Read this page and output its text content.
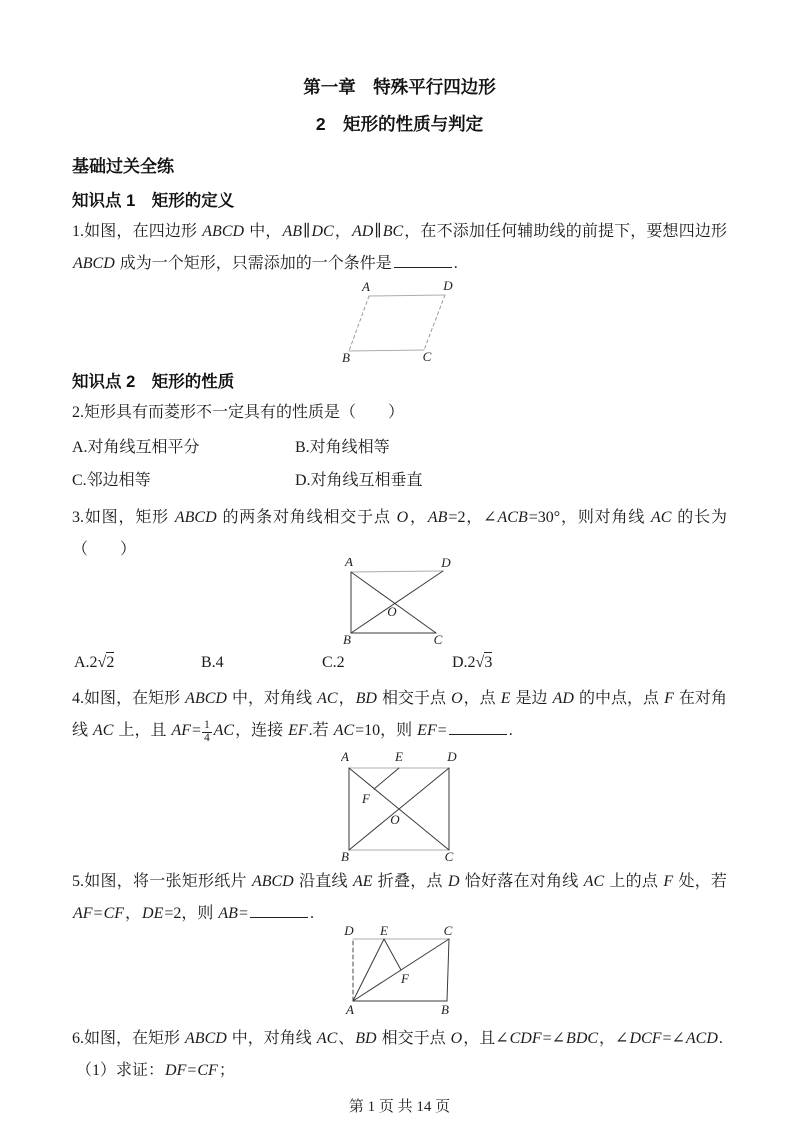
第一章　特殊平行四边形
2　矩形的性质与判定
基础过关全练
知识点 1　矩形的定义

1.如图，在四边形 ABCD 中，AB∥DC，AD∥BC，在不添加任何辅助线的前提下，要想四边形 ABCD 成为一个矩形，只需添加的一个条件是	.

A	D
B	C
知识点 2　矩形的性质

2.矩形具有而菱形不一定具有的性质是（　　）

A.对角线互相平分	B.对角线相等
C.邻边相等	D.对角线互相垂直

3.如图，矩形 ABCD 的两条对角线相交于点 O，AB=2，∠ACB=30°，则对角线 AC 的长为 （　　）

A	D
B	C
O
A.2√2	B.4	C.2	D.2√3

4.如图，在矩形 ABCD 中，对角线 AC，BD 相交于点 O，点 E 是边 AD 的中点，点 F 在对角线 AC 上，且 $AF= \frac{1}{4}$ AC，连接 EF.若 AC=10，则 EF=	.

A	E	D
B	C
F
O

5.如图，将一张矩形纸片 ABCD 沿直线 AE 折叠，点 D 恰好落在对角线 AC 上的点 F 处，若 AF=CF，DE=2，则 AB=	.

D E	C
A	B
F

6.如图，在矩形 ABCD 中，对角线 AC、BD 相交于点 O，且∠CDF=∠BDC，∠DCF=∠ACD.

（1）求证：DF=CF；

第 1 页 共 14 页
